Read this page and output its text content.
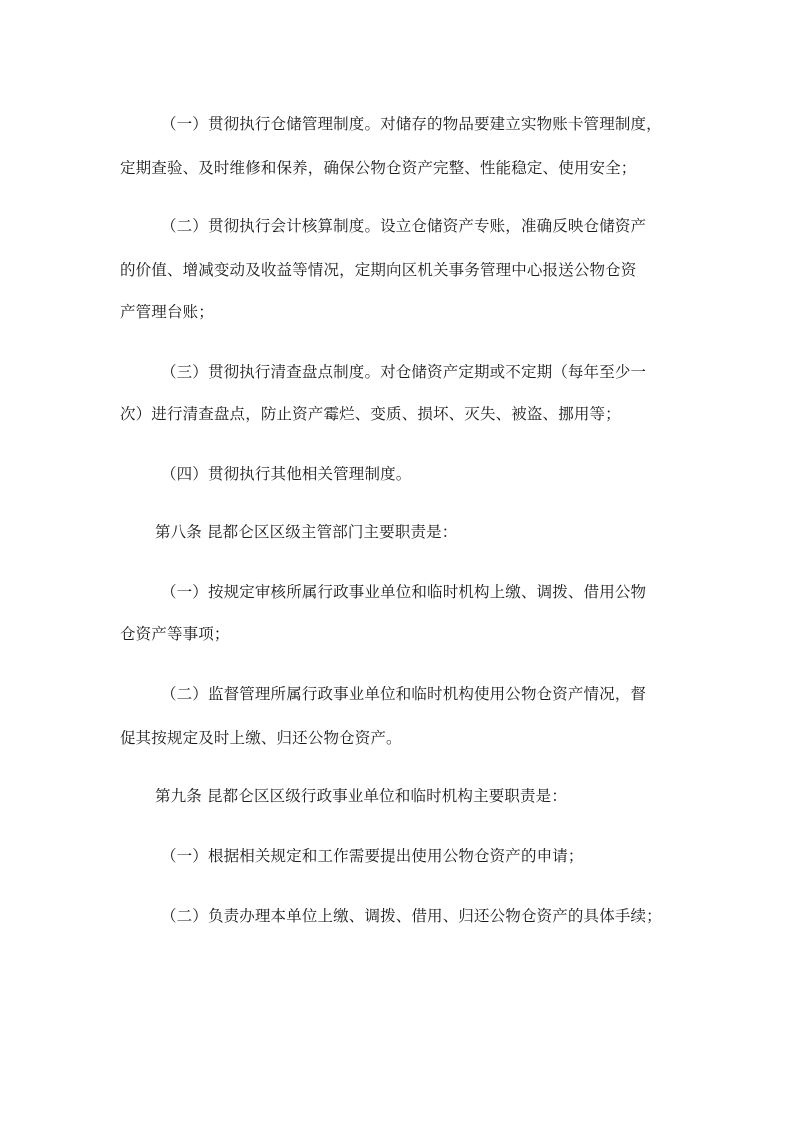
（一）贯彻执行仓储管理制度。对储存的物品要建立实物账卡管理制度，
定期查验、及时维修和保养，确保公物仓资产完整、性能稳定、使用安全；
（二）贯彻执行会计核算制度。设立仓储资产专账，准确反映仓储资产
的价值、增减变动及收益等情况，定期向区机关事务管理中心报送公物仓资
产管理台账；
（三）贯彻执行清查盘点制度。对仓储资产定期或不定期（每年至少一
次）进行清查盘点，防止资产霉烂、变质、损坏、灭失、被盗、挪用等；
（四）贯彻执行其他相关管理制度。
第八条 昆都仑区区级主管部门主要职责是：
（一）按规定审核所属行政事业单位和临时机构上缴、调拨、借用公物
仓资产等事项；
（二）监督管理所属行政事业单位和临时机构使用公物仓资产情况，督
促其按规定及时上缴、归还公物仓资产。
第九条 昆都仑区区级行政事业单位和临时机构主要职责是：
（一）根据相关规定和工作需要提出使用公物仓资产的申请；
（二）负责办理本单位上缴、调拨、借用、归还公物仓资产的具体手续；
